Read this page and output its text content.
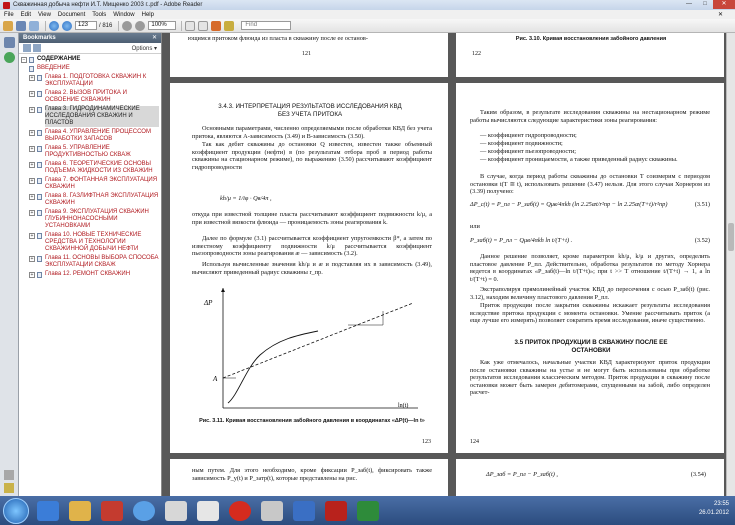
Скважинная добыча нефти И.Т. Мищенко 2003 г..pdf - Adobe Reader	—	□	✕
File Edit View Document Tools Window Help	✕
123	/ 816	100%	Find
Bookmarks	✕
Options ▾
− СОДЕРЖАНИЕ
ВВЕДЕНИЕ
+ Глава 1. ПОДГОТОВКА СКВАЖИН К ЭКСПЛУАТАЦИИ
+ Глава 2. ВЫЗОВ ПРИТОКА И ОСВОЕНИЕ СКВАЖИН
+ Глава 3. ГИДРОДИНАМИЧЕСКИЕ ИССЛЕДОВАНИЯ СКВАЖИН И ПЛАСТОВ
+ Глава 4. УПРАВЛЕНИЕ ПРОЦЕССОМ ВЫРАБОТКИ ЗАПАСОВ
+ Глава 5. УПРАВЛЕНИЕ ПРОДУКТИВНОСТЬЮ СКВАЖ
+ Глава 6. ТЕОРЕТИЧЕСКИЕ ОСНОВЫ ПОДЪЕМА ЖИДКОСТИ ИЗ СКВАЖИН
+ Глава 7. ФОНТАННАЯ ЭКСПЛУАТАЦИЯ СКВАЖИН
+ Глава 8. ГАЗЛИФТНАЯ ЭКСПЛУАТАЦИЯ СКВАЖИН
+ Глава 9. ЭКСПЛУАТАЦИЯ СКВАЖИН ГЛУБИННОНАСОСНЫМИ УСТАНОВКАМИ
+ Глава 10. НОВЫЕ ТЕХНИЧЕСКИЕ СРЕДСТВА И ТЕХНОЛОГИИ СКВАЖИННОЙ ДОБЫЧИ НЕФТИ
+ Глава 11. ОСНОВЫ ВЫБОРА СПОСОБА ЭКСПЛУАТАЦИИ СКВАЖ
+ Глава 12. РЕМОНТ СКВАЖИН
ющимся притоком флюида из пласта в скважину после ее останов-
121
Рис. 3.10. Кривая восстановления забойного давления
122
3.4.3. ИНТЕРПРЕТАЦИЯ РЕЗУЛЬТАТОВ ИССЛЕДОВАНИЯ КВД
БЕЗ УЧЕТА ПРИТОКА
Основными параметрами, численно определяемыми после обработки КВД без учета притока, являются A-зависимость (3.49) и B-зависимость (3.50).
Так как дебит скважины до остановки Q известен, известен также объемный коэффициент продукции (нефти) в (по результатам отбора проб в период работы скважины на стационарном режиме), по выражению (3.50) рассчитывают коэффициент гидропроводности
kh/μ = 1/iφ · Qв/4π ,
откуда при известной толщине пласта рассчитывают коэффициент подвижности k/μ, а при известной вязкости флюида — проницаемость зоны реагирования k.
Далее по формуле (3.1) рассчитывается коэффициент упругоемкости β*, а затем по известному коэффициенту подвижности k/μ рассчитывается коэффициент пьезопроводности зоны реагирования æ — зависимость (3.2).
Используя вычисленные значения kh/μ и æ и подставляя их в зависимость (3.49), вычисляют приведенный радиус скважины r_пр.
ΔP
A
ln(t)
Рис. 3.11. Кривая восстановления забойного давления в координатах «ΔP(t)—ln t»
123
Таким образом, в результате исследования скважины на нестационарном режиме работы вычисляются следующие характеристики зоны реагирования:
— коэффициент гидропроводности;
— коэффициент подвижности;
— коэффициент пьезопроводности;
— коэффициент проницаемости, а также приведенный радиус скважины.
В случае, когда период работы скважины до остановки T соизмерим с периодом остановки t(T ≅ t), использовать решение (3.47) нельзя. Для этого случая Хорнером из (3.39) получено:
ΔP_c(t) = P_пл − P_заб(t) = Qμв/4πkh (ln 2.25æt/r²пр − ln 2.25æ(T+t)/r²пр)	(3.51)
или
P_заб(t) = P_пл − Qμв/4πkh ln t/(T+t) .	(3.52)
Данное решение позволяет, кроме параметров kh/μ, k/μ и других, определить пластовое давление P_пл. Действительно, обработка результатов по методу Хорнера ведется в координатах «P_заб(t)—ln t/(T+t)»; при t >> T отношение t/(T+t) → 1, а ln t/(T+t) = 0.
Экстраполируя прямолинейный участок КВД до пересечения с осью P_заб(t) (рис. 3.12), находим величину пластового давления P_пл.
Приток продукции после закрытия скважины искажает результаты исследования вследствие притока продукции с момента остановки. Умение рассчитывать приток (а еще лучше его измерять) позволяет сократить время исследования, иначе существенно.
3.5 ПРИТОК ПРОДУКЦИИ В СКВАЖИНУ ПОСЛЕ ЕЕ ОСТАНОВКИ
Как уже отмечалось, начальные участки КВД характеризуют приток продукции после остановки скважины на устье и не могут быть использованы при обработке результатов исследования классическим методом. Приток продукции в скважину после остановки может быть замерен дебитомерами, спущенными на забой, либо определен расчет-
124
ным путем. Для этого необходимо, кроме фиксации P_заб(t), фиксировать также зависимость P_у(t) и P_затр(t), которые представлены на рис.
ΔP_заб = P_пл − P_заб(t) ,	(3.54)
23:55
26.01.2012
